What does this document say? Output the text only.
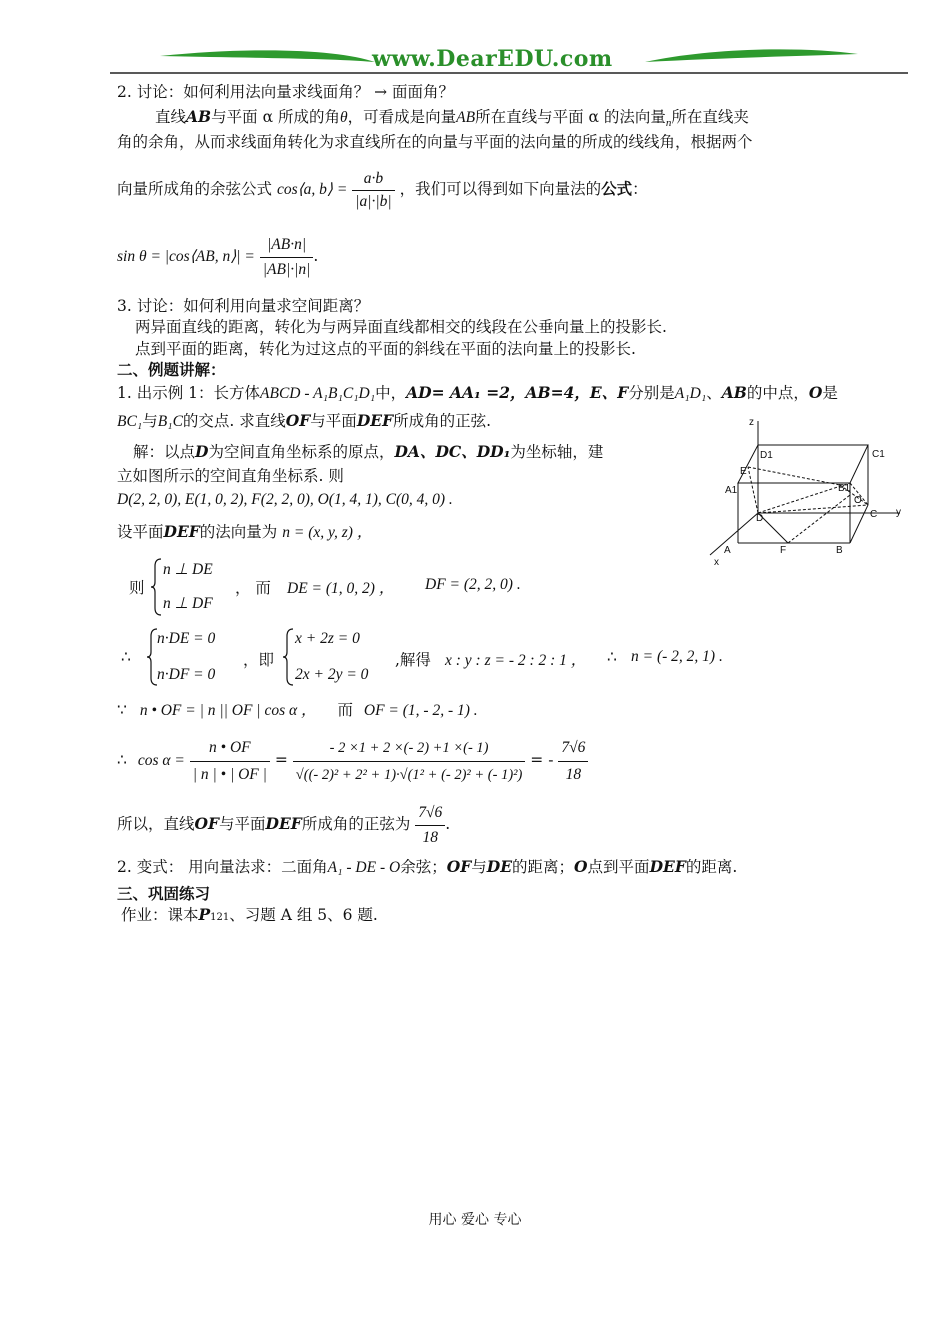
www.DearEDU.com
2. 讨论：如何利用法向量求线面角？ → 面面角？
直线AB与平面 α 所成的角θ，可看成是向量AB所在直线与平面 α 的法向量$_n$所在直线夹
角的余角，从而求线面角转化为求直线所在的向量与平面的法向量的所成的线线角，根据两个
向量所成角的余弦公式 cos⟨a, b⟩ = $\frac{a\cdot b}{|a|\cdot|b|}$ ，我们可以得到如下向量法的公式：
sin θ = |cos⟨AB, n⟩| = $\frac{|AB\cdot n|}{|AB|\cdot|n|}$ .
3. 讨论：如何利用向量求空间距离？
两异面直线的距离，转化为与两异面直线都相交的线段在公垂向量上的投影长.
点到平面的距离，转化为过这点的平面的斜线在平面的法向量上的投影长.
二、例题讲解：
1. 出示例 1：长方体ABCD - A₁B₁C₁D₁中，AD= AA₁ =2，AB=4，E、F分别是A₁D₁、AB的中点，O是
BC₁与B₁C的交点. 求直线OF与平面DEF所成角的正弦.
解：以点D为空间直角坐标系的原点，DA、DC、DD₁为坐标轴，建
立如图所示的空间直角坐标系. 则
D(2, 2, 0), E(1, 0, 2), F(2, 2, 0), O(1, 4, 1), C(0, 4, 0) .
设平面DEF的法向量为 n = (x, y, z) ，
z
D1	C1
E
A1	B1
O
y
D	C
A	F	B
x
则
n ⊥ DE
n ⊥ DF
， 而 DE = (1, 0, 2) ， DF = (2, 2, 0) .
∴
n·DE = 0
n·DF = 0
，即
x + 2z = 0
2x + 2y = 0
,解得 x : y : z = - 2 : 2 : 1 ， ∴ n = (- 2, 2, 1) .
∵ n • OF = | n || OF | cos α ， 而 OF = (1, - 2, - 1) .
∴ $\cos \alpha = \frac{n • OF}{| n | • | OF |} = \frac{- 2 \times 1 + 2 \times(- 2) +1 \times(- 1)}{\text{√((- 2)² + 2² + 1)·√(1² + (- 2)² + (- 1)²)}}$ = - $\frac{7√6}{18}$
所以，直线OF与平面DEF所成角的正弦为 $\frac{7√6}{18}$ .
2. 变式： 用向量法求：二面角A₁ - DE - O余弦；OF与DE的距离；O点到平面DEF的距离.
三、巩固练习
作业：课本P121、习题 A 组 5、6 题.
用心 爱心 专心
